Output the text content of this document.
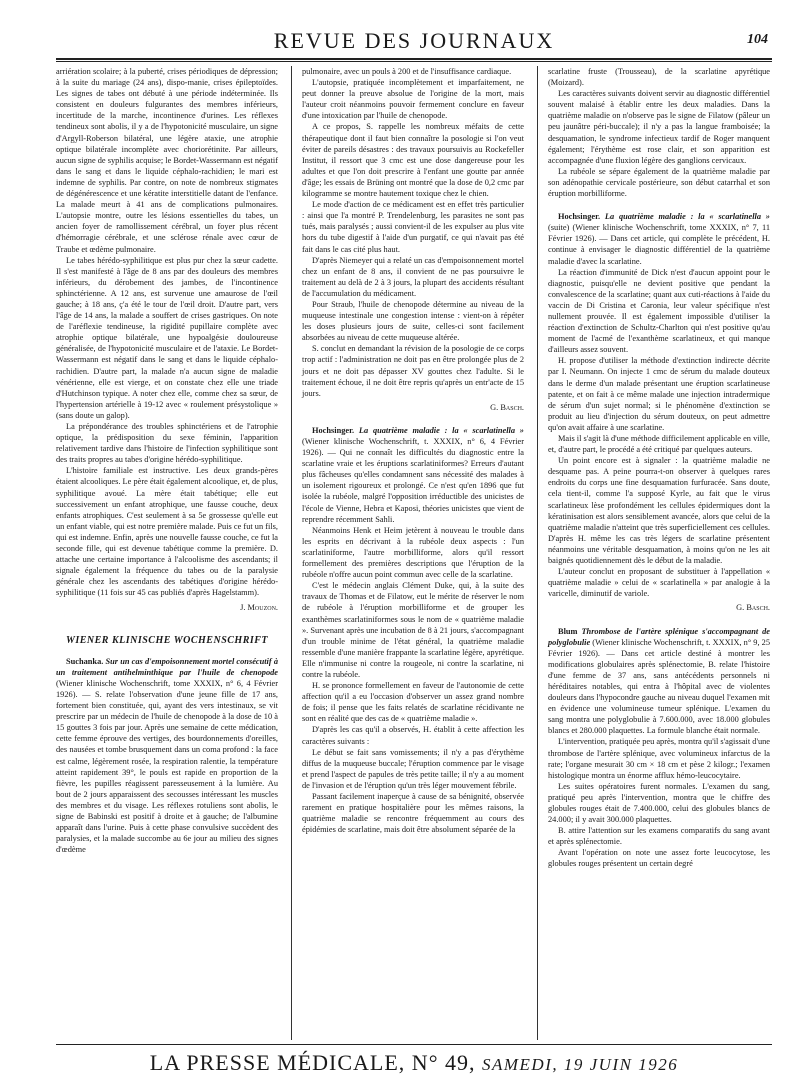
REVUE DES JOURNAUX	104

arriération scolaire; à la puberté, crises périodiques de dépression; à la suite du mariage (24 ans), dispo-manie, crises épileptoïdes. Les signes de tabes ont débuté à une période indéterminée. Ils consistent en douleurs fulgurantes des membres inférieurs, incertitude de la marche, incontinence d'urines. Les réflexes tendineux sont abolis, il y a de l'hypotonicité musculaire, un signe d'Argyll-Roberson bilatéral, une légère ataxie, une atrophie optique bilatérale incomplète avec choriorétinite. Par ailleurs, aucun signe de syphilis acquise; le Bordet-Wassermann est négatif dans le sang et dans le liquide céphalo-rachidien; le mari est indemne de syphilis. Par contre, on note de nombreux stigmates de dégénérescence et une kératite interstitielle datant de l'enfance. La malade meurt à 41 ans de complications pulmonaires. L'autopsie montre, outre les lésions essentielles du tabes, un ancien foyer de ramollissement cérébral, un foyer plus récent d'hémorragie cérébrale, et une sclérose rénale avec cœur de Traube et œdème pulmonaire.

Le tabes hérédo-syphilitique est plus pur chez la sœur cadette. Il s'est manifesté à l'âge de 8 ans par des douleurs des membres inférieurs, du dérobement des jambes, de l'incontinence sphinctérienne. A 12 ans, est survenue une amaurose de l'œil gauche; à 18 ans, ç'a été le tour de l'œil droit. D'autre part, vers l'âge de 14 ans, la malade a souffert de crises gastriques. On note de l'aréflexie tendineuse, la rigidité pupillaire complète avec atrophie optique bilatérale, une hypoalgésie douloureuse généralisée, de l'hypotonicité musculaire et de l'ataxie. Le Bordet-Wassermann est négatif dans le sang et dans le liquide céphalo-rachidien. D'autre part, la malade n'a aucun signe de maladie vénérienne, elle est vierge, et on constate chez elle une triade d'Hutchinson typique. A noter chez elle, comme chez sa sœur, de l'hypertension artérielle à 19-12 avec « roulement présystolique » (sans doute un galop).

La prépondérance des troubles sphinctériens et de l'atrophie optique, la prédisposition du sexe féminin, l'apparition relativement tardive dans l'histoire de l'infection syphilitique sont des traits propres au tabes d'origine hérédo-syphilitique.

L'histoire familiale est instructive. Les deux grands-pères étaient alcooliques. Le père était également alcoolique, et, de plus, syphilitique avoué. La mère était tabétique; elle eut successivement un enfant atrophique, une fausse couche, deux enfants atrophiques. C'est seulement à sa 5e grossesse qu'elle eut un enfant viable, qui est notre première malade. Puis ce fut un fils, qui est indemne. Enfin, après une nouvelle fausse couche, ce fut la seconde fille, qui est devenue tabétique comme la première. D. attache une certaine importance à l'alcoolisme des ascendants; il signale également la fréquence du tabes ou de la paralysie générale chez les ascendants des tabétiques d'origine hérédo-syphilitique (11 fois sur 45 cas publiés d'après Hagelstamm).

J. Mouzon.
WIENER KLINISCHE WOCHENSCHRIFT

Suchanka. Sur un cas d'empoisonnement mortel consécutif à un traitement antihelminthique par l'huile de chenopode (Wiener klinische Wochenschrift, tome XXXIX, n° 6, 4 Février 1926). — S. relate l'observation d'une jeune fille de 17 ans, fortement bien constituée, qui, ayant des vers intestinaux, se vit prescrire par un médecin de l'huile de chenopode à la dose de 10 à 15 gouttes 3 fois par jour. Après une semaine de cette médication, cette femme éprouve des vertiges, des bourdonnements d'oreilles, des nausées et tombe brusquement dans un coma profond : la face est calme, légèrement rosée, la respiration ralentie, la température atteint rapidement 39°, le pouls est rapide en proportion de la fièvre, les pupilles réagissent paresseusement à la lumière. Au bout de 2 jours apparaissent des secousses intéressant les muscles des membres et du visage. Les réflexes rotuliens sont abolis, le signe de Babinski est positif à droite et à gauche; de l'albumine apparaît dans l'urine. Puis à cette phase convulsive succèdent des paralysies, et la malade succombe au 6e jour au milieu des signes d'œdème

pulmonaire, avec un pouls à 200 et de l'insuffisance cardiaque.

L'autopsie, pratiquée incomplètement et imparfaitement, ne peut donner la preuve absolue de l'origine de la mort, mais l'auteur croit néanmoins pouvoir fermement conclure en faveur d'une intoxication par l'huile de chenopode.

A ce propos, S. rappelle les nombreux méfaits de cette thérapeutique dont il faut bien connaître la posologie si l'on veut éviter de pareils désastres : des travaux poursuivis au Rockefeller Institut, il ressort que 3 cmc est une dose dangereuse pour les adultes et que l'on doit prescrire à l'enfant une goutte par année d'âge; les essais de Brüning ont montré que la dose de 0,2 cmc par kilogramme se montre hautement toxique chez le chien.

Le mode d'action de ce médicament est en effet très particulier : ainsi que l'a montré P. Trendelenburg, les parasites ne sont pas tués, mais paralysés ; aussi convient-il de les expulser au plus vite hors du tube digestif à l'aide d'un purgatif, ce qui n'avait pas été fait dans le cas cité plus haut.

D'après Niemeyer qui a relaté un cas d'empoisonnement mortel chez un enfant de 8 ans, il convient de ne pas poursuivre le traitement au delà de 2 à 3 jours, la plupart des accidents résultant de l'accumulation du médicament.

Pour Straub, l'huile de chenopode détermine au niveau de la muqueuse intestinale une congestion intense : vient-on à répéter les doses plusieurs jours de suite, celles-ci sont facilement absorbées au niveau de cette muqueuse altérée.

S. conclut en demandant la révision de la posologie de ce corps trop actif : l'administration ne doit pas en être prolongée plus de 2 jours et ne doit pas dépasser XV gouttes chez l'adulte. Si le traitement échoue, il ne doit être repris qu'après un entr'acte de 15 jours.

G. Basch.

Hochsinger. La quatrième maladie : la « scarlatinella » (Wiener klinische Wochenschrift, t. XXXIX, n° 6, 4 Février 1926). — Qui ne connaît les difficultés du diagnostic entre la scarlatine vraie et les éruptions scarlatiniformes? Erreurs d'autant plus fâcheuses qu'elles condamnent sans nécessité des malades à un isolement rigoureux et prolongé. Ce n'est qu'en 1896 que fut isolée la rubéole, malgré l'opposition irréductible des unicistes de l'école de Vienne, Hebra et Kaposi, théories unicistes que vient de reprendre récemment Sahli.

Néanmoins Henk et Heim jetèrent à nouveau le trouble dans les esprits en décrivant à la rubéole deux aspects : l'un scarlatiniforme, l'autre morbilliforme, alors qu'il ressort formellement des premières descriptions que l'éruption de la rubéole n'offre aucun point commun avec celle de la scarlatine.

C'est le médecin anglais Clément Duke, qui, à la suite des travaux de Thomas et de Filatow, eut le mérite de réserver le nom de rubéole à l'éruption morbilliforme et de grouper les exanthèmes scarlatiniformes sous le nom de « quatrième maladie ». Survenant après une incubation de 8 à 21 jours, s'accompagnant d'un trouble minime de l'état général, la quatrième maladie ressemble d'une manière frappante la scarlatine légère, apyrétique. Elle n'immunise ni contre la rougeole, ni contre la scarlatine, ni contre la rubéole.

H. se prononce formellement en faveur de l'autonomie de cette affection qu'il a eu l'occasion d'observer un assez grand nombre de fois; il pense que les faits relatés de scarlatine récidivante ne sont en réalité que des cas de « quatrième maladie ».

D'après les cas qu'il a observés, H. établit à cette affection les caractères suivants :

Le début se fait sans vomissements; il n'y a pas d'érythème diffus de la muqueuse buccale; l'éruption commence par le visage et prend l'aspect de papules de très petite taille; il n'y a au moment de l'invasion et de l'éruption qu'un très léger mouvement fébrile.

Passant facilement inaperçue à cause de sa bénignité, observée rarement en pratique hospitalière pour les mêmes raisons, la quatrième maladie se rencontre fréquemment au cours des épidémies de scarlatine, mais doit être absolument séparée de la

scarlatine fruste (Trousseau), de la scarlatine apyrétique (Moizard).

Les caractères suivants doivent servir au diagnostic différentiel souvent malaisé à établir entre les deux maladies. Dans la quatrième maladie on n'observe pas le signe de Filatow (pâleur un peu jaunâtre péri-buccale); il n'y a pas la langue framboisée; la desquamation, le syndrome infectieux tardif de Roger manquent également; l'érythème est rose clair, et son apparition est accompagnée d'une fluxion légère des ganglions cervicaux.

La rubéole se sépare également de la quatrième maladie par son adénopathie cervicale postérieure, son début catarrhal et son éruption morbilliforme.

Hochsinger. La quatrième maladie : la « scarlatinella » (suite) (Wiener klinische Wochenschrift, tome XXXIX, n° 7, 11 Février 1926). — Dans cet article, qui complète le précédent, H. continue à envisager le diagnostic différentiel de la quatrième maladie d'avec la scarlatine.

La réaction d'immunité de Dick n'est d'aucun appoint pour le diagnostic, puisqu'elle ne devient positive que pendant la convalescence de la scarlatine; quant aux cuti-réactions à l'aide du vaccin de Di Cristina et Caronia, leur valeur spécifique n'est nullement prouvée. Il est également impossible d'utiliser la réaction d'extinction de Schultz-Charlton qui n'est positive qu'au moment de l'acmé de l'exanthème scarlatineux, et qui manque d'ailleurs assez souvent.

H. propose d'utiliser la méthode d'extinction indirecte décrite par I. Neumann. On injecte 1 cmc de sérum du malade douteux dans le derme d'un malade présentant une éruption scarlatineuse patente, et on fait à ce même malade une injection intradermique de sérum d'un sujet normal; si le phénomène d'extinction se produit au lieu d'injection du sérum douteux, on peut admettre qu'on avait affaire à une scarlatine.

Mais il s'agit là d'une méthode difficilement applicable en ville, et, d'autre part, le procédé a été critiqué par quelques auteurs.

Un point encore est à signaler : la quatrième maladie ne desquame pas. A peine pourra-t-on observer à quelques rares endroits du corps une fine desquamation furfuracée. Sans doute, cela tient-il, comme l'a supposé Kyrle, au fait que le virus scarlatineux lèse profondément les cellules épidermiques dont la kératinisation est alors sensiblement avancée, alors que celui de la quatrième maladie n'atteint que très superficiellement ces cellules. D'après H. même les cas très légers de scarlatine présentent néanmoins une véritable desquamation, à moins qu'on ne les ait baignés quotidiennement dès le début de la maladie.

L'auteur conclut en proposant de substituer à l'appellation « quatrième maladie » celui de « scarlatinella » par analogie à la varicelle, diminutif de variole.

G. Basch.

Blum Thrombose de l'artère splénique s'accompagnant de polyglobulie (Wiener klinische Wochenschrift, t. XXXIX, n° 9, 25 Février 1926). — Dans cet article destiné à montrer les modifications globulaires après splénectomie, B. relate l'histoire d'une femme de 37 ans, sans antécédents personnels ni héréditaires notables, qui entra à l'hôpital avec de violentes douleurs dans l'hypocondre gauche au niveau duquel l'examen mit en évidence une volumineuse tumeur splénique. L'examen du sang montra une polyglobulie à 7.600.000, avec 18.000 globules blancs et 280.000 plaquettes. La formule blanche était normale.

L'intervention, pratiquée peu après, montra qu'il s'agissait d'une thrombose de l'artère splénique, avec volumineux infarctus de la rate; l'organe mesurait 30 cm × 18 cm et pèse 2 kilogr.; l'examen histologique montra un énorme afflux hémo-leucocytaire.

Les suites opératoires furent normales. L'examen du sang, pratiqué peu après l'intervention, montra que le chiffre des globules rouges était de 7.400.000, celui des globules blancs de 24.000; il y avait 300.000 plaquettes.

B. attire l'attention sur les examens comparatifs du sang avant et après splénectomie.

Avant l'opération on note une assez forte leucocytose, les globules rouges présentent un certain degré

LA PRESSE MÉDICALE, N° 49, SAMEDI, 19 JUIN 1926
